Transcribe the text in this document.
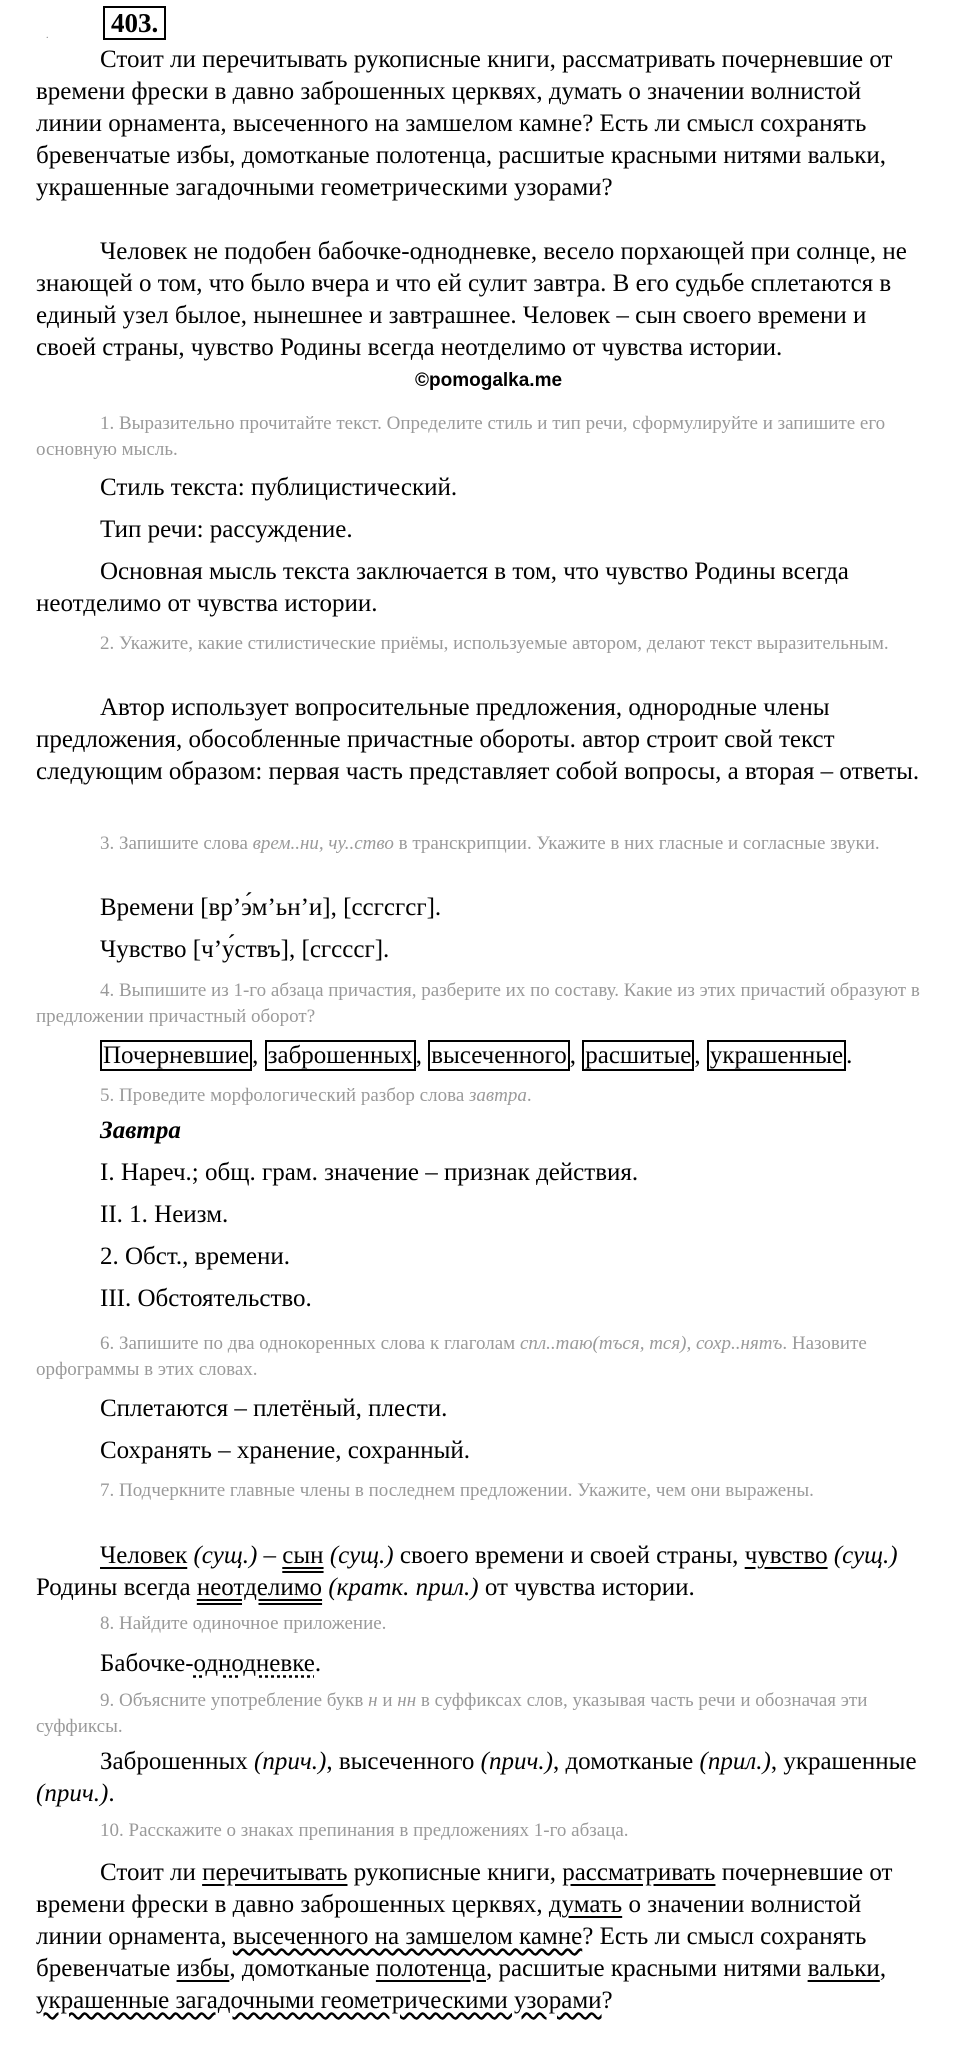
403.
.
Стоит ли перечитывать рукописные книги, рассматривать почерневшие от времени фрески в давно заброшенных церквях, думать о значении волнистой линии орнамента, высеченного на замшелом камне? Есть ли смысл сохранять бревенчатые избы, домотканые полотенца, расшитые красными нитями вальки, украшенные загадочными геометрическими узорами?
Человек не подобен бабочке-однодневке, весело порхающей при солнце, не знающей о том, что было вчера и что ей сулит завтра. В его судьбе сплетаются в единый узел былое, нынешнее и завтрашнее. Человек – сын своего времени и своей страны, чувство Родины всегда неотделимо от чувства истории.
©pomogalka.me
1. Выразительно прочитайте текст. Определите стиль и тип речи, сформулируйте и запишите его основную мысль.
Стиль текста: публицистический.
Тип речи: рассуждение.
Основная мысль текста заключается в том, что чувство Родины всегда неотделимо от чувства истории.
2. Укажите, какие стилистические приёмы, используемые автором, делают текст выразительным.
Автор использует вопросительные предложения, однородные члены предложения, обособленные причастные обороты. автор строит свой текст следующим образом: первая часть представляет собой вопросы, а вторая – ответы.
3. Запишите слова врем..ни, чу..ство в транскрипции. Укажите в них гласные и согласные звуки.
Времени [вр’э́м’ьн’и], [ссгсгсг].
Чувство [ч’у́ствъ], [сгсссг].
4. Выпишите из 1-го абзаца причастия, разберите их по составу. Какие из этих причастий образуют в предложении причастный оборот?
Почерневшие , заброшенных , высеченного , расшитые , украшенные .
5. Проведите морфологический разбор слова завтра.
Завтра
I. Нареч.; общ. грам. значение – признак действия.
II. 1. Неизм.
2. Обст., времени.
III. Обстоятельство.
6. Запишите по два однокоренных слова к глаголам спл..таю(тъся, тся), сохр..нятъ. Назовите орфограммы в этих словах.
Сплетаются – плетёный, плести.
Сохранять – хранение, сохранный.
7. Подчеркните главные члены в последнем предложении. Укажите, чем они выражены.
Человек (сущ.) – сын (сущ.) своего времени и своей страны, чувство (сущ.) Родины всегда неотделимо (кратк. прил.) от чувства истории.
8. Найдите одиночное приложение.
Бабочке-однодневке.
9. Объясните употребление букв н и нн в суффиксах слов, указывая часть речи и обозначая эти суффиксы.
Заброшенных (прич.), высеченного (прич.), домотканые (прил.), украшенные (прич.).
10. Расскажите о знаках препинания в предложениях 1-го абзаца.
Стоит ли перечитывать рукописные книги, рассматривать почерневшие от времени фрески в давно заброшенных церквях, думать о значении волнистой линии орнамента, высеченного на замшелом камне? Есть ли смысл сохранять бревенчатые избы, домотканые полотенца, расшитые красными нитями вальки, украшенные загадочными геометрическими узорами?
